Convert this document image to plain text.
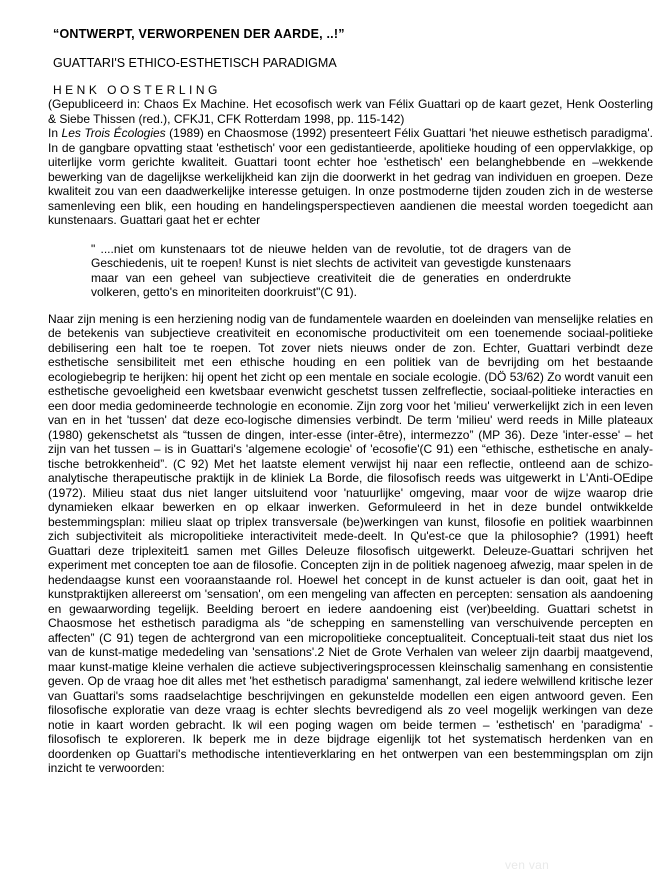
“ONTWERPT, VERWORPENEN DER AARDE, ..!”
GUATTARI'S ETHICO-ESTHETISCH PARADIGMA
HENK OOSTERLING

(Gepubliceerd in: Chaos Ex Machine. Het ecosofisch werk van Félix Guattari op de kaart gezet, Henk Oosterling & Siebe Thissen (red.), CFKJ1, CFK Rotterdam 1998, pp. 115-142)

In Les Trois Écologies (1989) en Chaosmose (1992) presenteert Félix Guattari 'het nieuwe esthetisch paradigma'. In de gangbare opvatting staat 'esthetisch' voor een gedistantieerde, apolitieke houding of een oppervlakkige, op uiterlijke vorm gerichte kwaliteit. Guattari toont echter hoe 'esthetisch' een belanghebbende en –wekkende bewerking van de dagelijkse werkelijkheid kan zijn die doorwerkt in het gedrag van individuen en groepen. Deze kwaliteit zou van een daadwerkelijke interesse getuigen. In onze postmoderne tijden zouden zich in de westerse samenleving een blik, een houding en handelingsperspectieven aandienen die meestal worden toegedicht aan kunstenaars. Guattari gaat het er echter

" ....niet om kunstenaars tot de nieuwe helden van de revolutie, tot de dragers van de Geschiedenis, uit te roepen! Kunst is niet slechts de activiteit van gevestigde kunstenaars maar van een geheel van subjectieve creativiteit die de generaties en onderdrukte volkeren, getto's en minoriteiten doorkruist"(C 91).

Naar zijn mening is een herziening nodig van de fundamentele waarden en doeleinden van menselijke relaties en de betekenis van subjectieve creativiteit en economische productiviteit om een toenemende sociaal-politieke debilisering een halt toe te roepen. Tot zover niets nieuws onder de zon. Echter, Guattari verbindt deze esthetische sensibiliteit met een ethische houding en een politiek van de bevrijding om het bestaande ecologiebegrip te herijken: hij opent het zicht op een mentale en sociale ecologie. (DÖ 53/62) Zo wordt vanuit een esthetische gevoeligheid een kwetsbaar evenwicht geschetst tussen zelfreflectie, sociaal-politieke interacties en een door media gedomineerde technologie en economie. Zijn zorg voor het 'milieu' verwerkelijkt zich in een leven van en in het 'tussen' dat deze eco-logische dimensies verbindt. De term 'milieu' werd reeds in Mille plateaux (1980) gekenschetst als “tussen de dingen, inter-esse (inter-être), intermezzo” (MP 36). Deze 'inter-esse' – het zijn van het tussen – is in Guattari's 'algemene ecologie' of 'ecosofie'(C 91) een “ethische, esthetische en analy-tische betrokkenheid”. (C 92) Met het laatste element verwijst hij naar een reflectie, ontleend aan de schizo-analytische therapeutische praktijk in de kliniek La Borde, die filosofisch reeds was uitgewerkt in L'Anti-OEdipe (1972). Milieu staat dus niet langer uitsluitend voor 'natuurlijke' omgeving, maar voor de wijze waarop drie dynamieken elkaar bewerken en op elkaar inwerken. Geformuleerd in het in deze bundel ontwikkelde bestemmingsplan: milieu slaat op triplex transversale (be)werkingen van kunst, filosofie en politiek waarbinnen zich subjectiviteit als micropolitieke interactiviteit mede-deelt. In Qu'est-ce que la philosophie? (1991) heeft Guattari deze triplexiteit1 samen met Gilles Deleuze filosofisch uitgewerkt. Deleuze-Guattari schrijven het experiment met concepten toe aan de filosofie. Concepten zijn in de politiek nagenoeg afwezig, maar spelen in de hedendaagse kunst een vooraanstaande rol. Hoewel het concept in de kunst actueler is dan ooit, gaat het in kunstpraktijken allereerst om 'sensation', om een mengeling van affecten en percepten: sensation als aandoening en gewaarwording tegelijk. Beelding beroert en iedere aandoening eist (ver)beelding. Guattari schetst in Chaosmose het esthetisch paradigma als “de schepping en samenstelling van verschuivende percepten en affecten” (C 91) tegen de achtergrond van een micropolitieke conceptualiteit. Conceptuali-teit staat dus niet los van de kunst-matige mededeling van 'sensations'.2 Niet de Grote Verhalen van weleer zijn daarbij maatgevend, maar kunst-matige kleine verhalen die actieve subjectiveringsprocessen kleinschalig samenhang en consistentie geven. Op de vraag hoe dit alles met 'het esthetisch paradigma' samenhangt, zal iedere welwillend kritische lezer van Guattari's soms raadselachtige beschrijvingen en gekunstelde modellen een eigen antwoord geven. Een filosofische exploratie van deze vraag is echter slechts bevredigend als zo veel mogelijk werkingen van deze notie in kaart worden gebracht. Ik wil een poging wagen om beide termen – 'esthetisch' en 'paradigma' - filosofisch te exploreren. Ik beperk me in deze bijdrage eigenlijk tot het systematisch herdenken van en doordenken op Guattari's methodische intentieverklaring en het ontwerpen van een bestemmingsplan om zijn inzicht te verwoorden:

ven van
